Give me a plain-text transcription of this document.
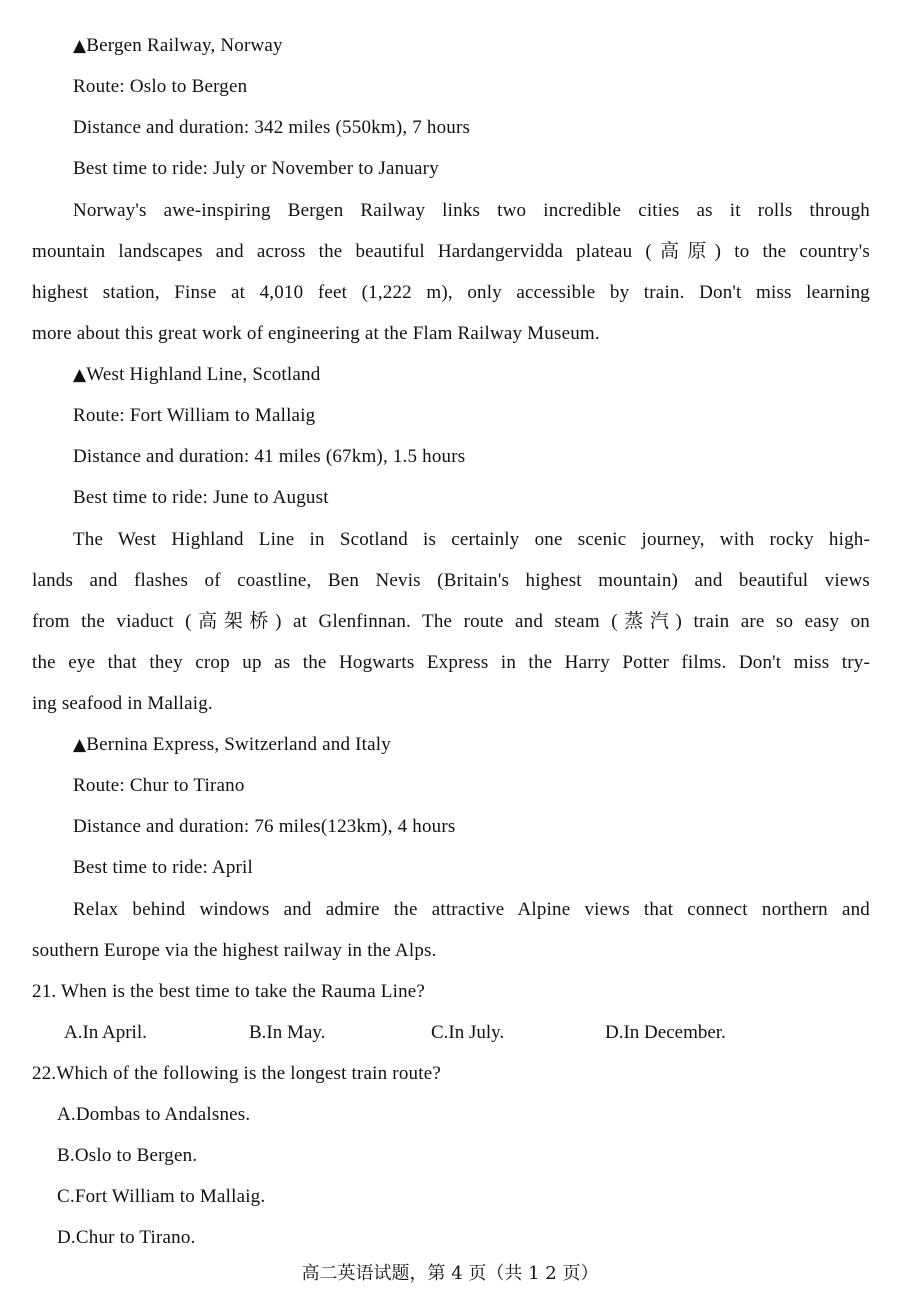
▲Bergen Railway, Norway
Route: Oslo to Bergen
Distance and duration: 342 miles (550km), 7 hours
Best time to ride: July or November to January
Norway's awe-inspiring Bergen Railway links two incredible cities as it rolls through
mountain landscapes and across the beautiful Hardangervidda plateau (高原) to the country's
highest station, Finse at 4,010 feet (1,222 m), only accessible by train. Don't miss learning
more about this great work of engineering at the Flam Railway Museum.
▲West Highland Line, Scotland
Route: Fort William to Mallaig
Distance and duration: 41 miles (67km), 1.5 hours
Best time to ride: June to August
The West Highland Line in Scotland is certainly one scenic journey, with rocky high-
lands and flashes of coastline, Ben Nevis (Britain's highest mountain) and beautiful views
from the viaduct (高架桥) at Glenfinnan. The route and steam (蒸汽) train are so easy on
the eye that they crop up as the Hogwarts Express in the Harry Potter films. Don't miss try-
ing seafood in Mallaig.
▲Bernina Express, Switzerland and Italy
Route: Chur to Tirano
Distance and duration: 76 miles(123km), 4 hours
Best time to ride: April
Relax behind windows and admire the attractive Alpine views that connect northern and
southern Europe via the highest railway in the Alps.
21. When is the best time to take the Rauma Line?
A.In April.	B.In May.	C.In July.	D.In December.
22.Which of the following is the longest train route?
A.Dombas to Andalsnes.
B.Oslo to Bergen.
C.Fort William to Mallaig.
D.Chur to Tirano.
高二英语试题，第 4 页（共 1 2 页）
